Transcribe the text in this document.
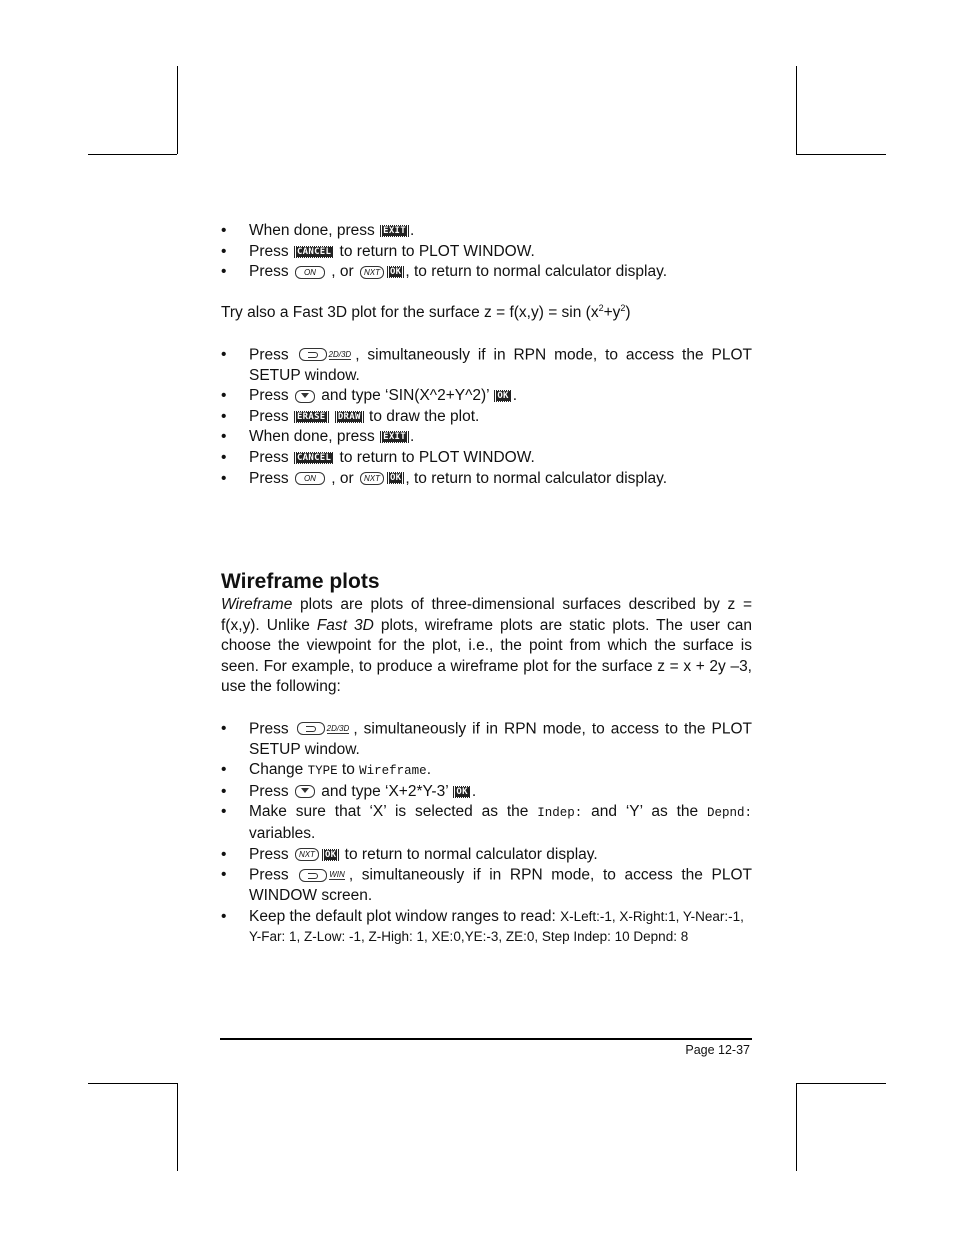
• When done, press EXIT .
• Press CANCEL to return to PLOT WINDOW.
• Press ON , or NXT OK , to return to normal calculator display.

Try also a Fast 3D plot for the surface $z = f(x,y) = \sin (x^2+y^2)$

• Press	2D/3D , simultaneously if in RPN mode, to access the PLOT SETUP window.
• Press  and type ‘SIN(X^2+Y^2)’ OK .
• Press ERASE DRAW to draw the plot.
• When done, press EXIT .
• Press CANCEL to return to PLOT WINDOW.
• Press ON , or NXT OK , to return to normal calculator display.
Wireframe plots

Wireframe plots are plots of three-dimensional surfaces described by z = f(x,y). Unlike Fast 3D plots, wireframe plots are static plots. The user can choose the viewpoint for the plot, i.e., the point from which the surface is seen. For example, to produce a wireframe plot for the surface z = x + 2y –3, use the following:

• Press	2D/3D , simultaneously if in RPN mode, to access to the PLOT SETUP window.
• Change TYPE to Wireframe.
• Press  and type ‘X+2*Y-3’ OK .
• Make sure that ‘X’ is selected as the Indep: and ‘Y’ as the Depnd: variables.
• Press NXT OK to return to normal calculator display.
• Press	WIN , simultaneously if in RPN mode, to access the PLOT WINDOW screen.
• Keep the default plot window ranges to read: X-Left:-1, X-Right:1, Y-Near:-1, Y-Far: 1, Z-Low: -1, Z-High: 1, XE:0,YE:-3, ZE:0, Step Indep: 10 Depnd: 8
Page 12-37
